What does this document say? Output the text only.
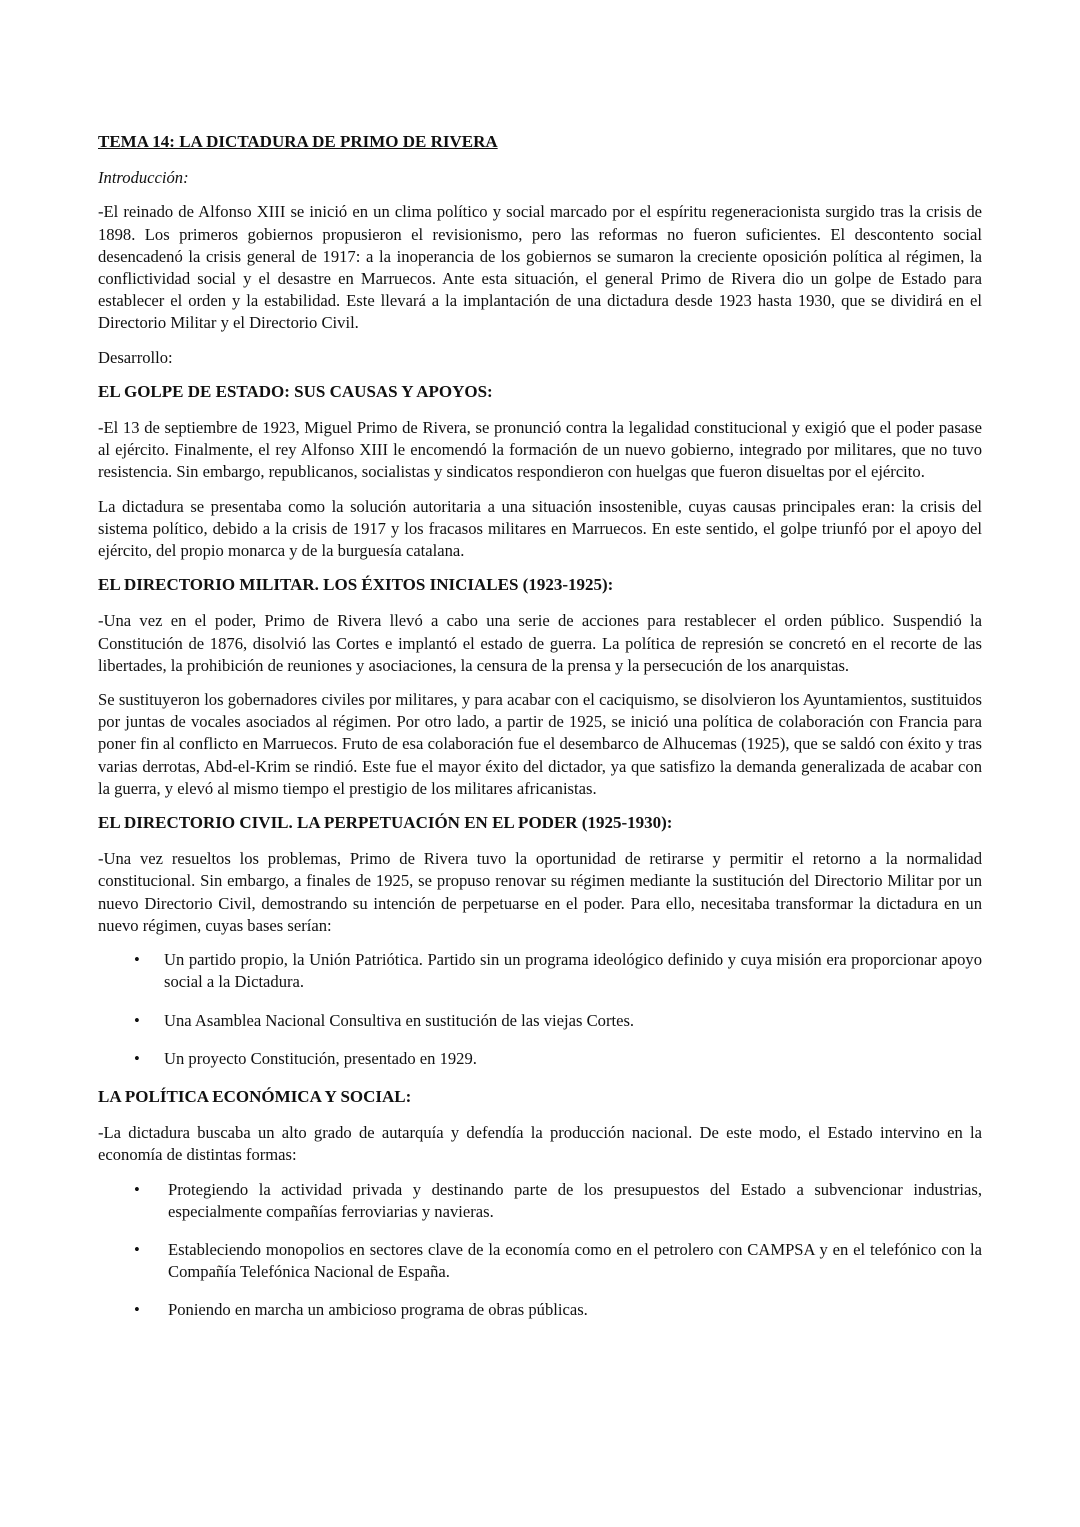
TEMA 14: LA DICTADURA DE PRIMO DE RIVERA
Introducción:

-El reinado de Alfonso XIII se inició en un clima político y social marcado por el espíritu regeneracionista surgido tras la crisis de 1898. Los primeros gobiernos propusieron el revisionismo, pero las reformas no fueron suficientes. El descontento social desencadenó la crisis general de 1917: a la inoperancia de los gobiernos se sumaron la creciente oposición política al régimen, la conflictividad social y el desastre en Marruecos. Ante esta situación, el general Primo de Rivera dio un golpe de Estado para establecer el orden y la estabilidad. Este llevará a la implantación de una dictadura desde 1923 hasta 1930, que se dividirá en el Directorio Militar y el Directorio Civil.

Desarrollo:
EL GOLPE DE ESTADO: SUS CAUSAS Y APOYOS:

-El 13 de septiembre de 1923, Miguel Primo de Rivera, se pronunció contra la legalidad constitucional y exigió que el poder pasase al ejército. Finalmente, el rey Alfonso XIII le encomendó la formación de un nuevo gobierno, integrado por militares, que no tuvo resistencia. Sin embargo, republicanos, socialistas y sindicatos respondieron con huelgas que fueron disueltas por el ejército.

La dictadura se presentaba como la solución autoritaria a una situación insostenible, cuyas causas principales eran: la crisis del sistema político, debido a la crisis de 1917 y los fracasos militares en Marruecos. En este sentido, el golpe triunfó por el apoyo del ejército, del propio monarca y de la burguesía catalana.

EL DIRECTORIO MILITAR. LOS ÉXITOS INICIALES (1923-1925):

-Una vez en el poder, Primo de Rivera llevó a cabo una serie de acciones para restablecer el orden público. Suspendió la Constitución de 1876, disolvió las Cortes e implantó el estado de guerra. La política de represión se concretó en el recorte de las libertades, la prohibición de reuniones y asociaciones, la censura de la prensa y la persecución de los anarquistas.

Se sustituyeron los gobernadores civiles por militares, y para acabar con el caciquismo, se disolvieron los Ayuntamientos, sustituidos por juntas de vocales asociados al régimen. Por otro lado, a partir de 1925, se inició una política de colaboración con Francia para poner fin al conflicto en Marruecos. Fruto de esa colaboración fue el desembarco de Alhucemas (1925), que se saldó con éxito y tras varias derrotas, Abd-el-Krim se rindió. Este fue el mayor éxito del dictador, ya que satisfizo la demanda generalizada de acabar con la guerra, y elevó al mismo tiempo el prestigio de los militares africanistas.

EL DIRECTORIO CIVIL. LA PERPETUACIÓN EN EL PODER (1925-1930):

-Una vez resueltos los problemas, Primo de Rivera tuvo la oportunidad de retirarse y permitir el retorno a la normalidad constitucional. Sin embargo, a finales de 1925, se propuso renovar su régimen mediante la sustitución del Directorio Militar por un nuevo Directorio Civil, demostrando su intención de perpetuarse en el poder. Para ello, necesitaba transformar la dictadura en un nuevo régimen, cuyas bases serían:

• Un partido propio, la Unión Patriótica. Partido sin un programa ideológico definido y cuya misión era proporcionar apoyo social a la Dictadura.
• Una Asamblea Nacional Consultiva en sustitución de las viejas Cortes.
• Un proyecto Constitución, presentado en 1929.
LA POLÍTICA ECONÓMICA Y SOCIAL:

-La dictadura buscaba un alto grado de autarquía y defendía la producción nacional. De este modo, el Estado intervino en la economía de distintas formas:

• Protegiendo la actividad privada y destinando parte de los presupuestos del Estado a subvencionar industrias, especialmente compañías ferroviarias y navieras.
• Estableciendo monopolios en sectores clave de la economía como en el petrolero con CAMPSA y en el telefónico con la Compañía Telefónica Nacional de España.
• Poniendo en marcha un ambicioso programa de obras públicas.
